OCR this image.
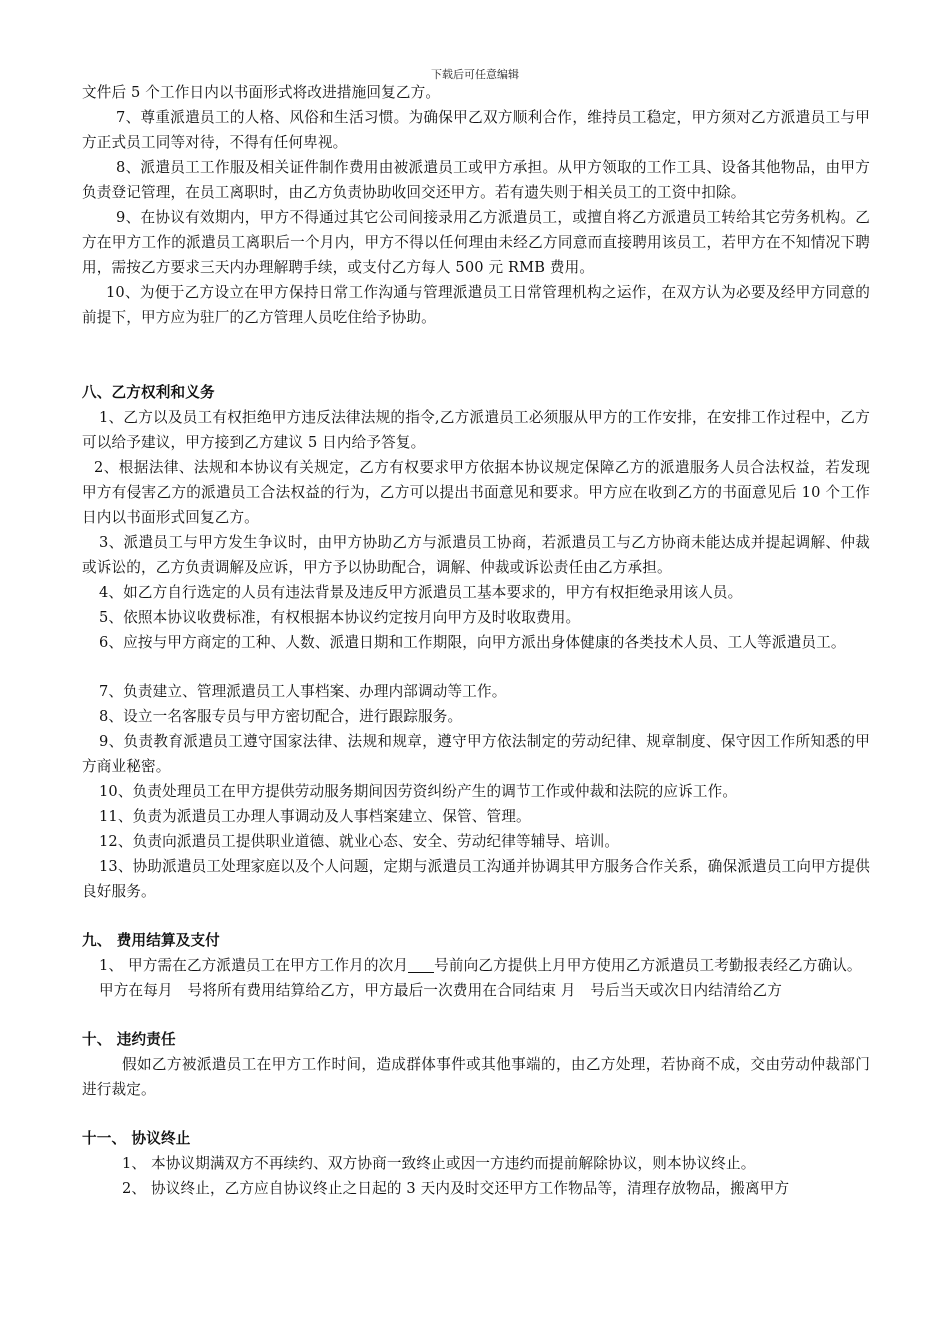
下载后可任意编辑

文件后 5 个工作日内以书面形式将改进措施回复乙方。

7、尊重派遣员工的人格、风俗和生活习惯。为确保甲乙双方顺利合作，维持员工稳定，甲方须对乙方派遣员工与甲方正式员工同等对待，不得有任何卑视。

8、派遣员工工作服及相关证件制作费用由被派遣员工或甲方承担。从甲方领取的工作工具、设备其他物品，由甲方负责登记管理，在员工离职时，由乙方负责协助收回交还甲方。若有遗失则于相关员工的工资中扣除。

9、在协议有效期内，甲方不得通过其它公司间接录用乙方派遣员工，或擅自将乙方派遣员工转给其它劳务机构。乙方在甲方工作的派遣员工离职后一个月内，甲方不得以任何理由未经乙方同意而直接聘用该员工，若甲方在不知情况下聘用，需按乙方要求三天内办理解聘手续，或支付乙方每人 500 元 RMB 费用。

10、为便于乙方设立在甲方保持日常工作沟通与管理派遣员工日常管理机构之运作，在双方认为必要及经甲方同意的前提下，甲方应为驻厂的乙方管理人员吃住给予协助。

八、乙方权利和义务

1、乙方以及员工有权拒绝甲方违反法律法规的指令,乙方派遣员工必须服从甲方的工作安排，在安排工作过程中，乙方可以给予建议，甲方接到乙方建议 5 日内给予答复。

2、根据法律、法规和本协议有关规定，乙方有权要求甲方依据本协议规定保障乙方的派遣服务人员合法权益，若发现甲方有侵害乙方的派遣员工合法权益的行为，乙方可以提出书面意见和要求。甲方应在收到乙方的书面意见后 10 个工作日内以书面形式回复乙方。

3、派遣员工与甲方发生争议时，由甲方协助乙方与派遣员工协商，若派遣员工与乙方协商未能达成并提起调解、仲裁或诉讼的，乙方负责调解及应诉，甲方予以协助配合，调解、仲裁或诉讼责任由乙方承担。

4、如乙方自行选定的人员有违法背景及违反甲方派遣员工基本要求的，甲方有权拒绝录用该人员。

5、依照本协议收费标准，有权根据本协议约定按月向甲方及时收取费用。

6、应按与甲方商定的工种、人数、派遣日期和工作期限，向甲方派出身体健康的各类技术人员、工人等派遣员工。

7、负责建立、管理派遣员工人事档案、办理内部调动等工作。

8、设立一名客服专员与甲方密切配合，进行跟踪服务。

9、负责教育派遣员工遵守国家法律、法规和规章，遵守甲方依法制定的劳动纪律、规章制度、保守因工作所知悉的甲方商业秘密。

10、负责处理员工在甲方提供劳动服务期间因劳资纠纷产生的调节工作或仲裁和法院的应诉工作。

11、负责为派遣员工办理人事调动及人事档案建立、保管、管理。

12、负责向派遣员工提供职业道德、就业心态、安全、劳动纪律等辅导、培训。

13、协助派遣员工处理家庭以及个人问题，定期与派遣员工沟通并协调其甲方服务合作关系，确保派遣员工向甲方提供良好服务。

九、 费用结算及支付

1、 甲方需在乙方派遣员工在甲方工作月的次月 号前向乙方提供上月甲方使用乙方派遣员工考勤报表经乙方确认。

甲方在每月　号将所有费用结算给乙方，甲方最后一次费用在合同结束 月　号后当天或次日内结清给乙方

十、 违约责任

假如乙方被派遣员工在甲方工作时间，造成群体事件或其他事端的，由乙方处理，若协商不成，交由劳动仲裁部门进行裁定。

十一、 协议终止

1、 本协议期满双方不再续约、双方协商一致终止或因一方违约而提前解除协议，则本协议终止。

2、 协议终止，乙方应自协议终止之日起的 3 天内及时交还甲方工作物品等，清理存放物品，搬离甲方
